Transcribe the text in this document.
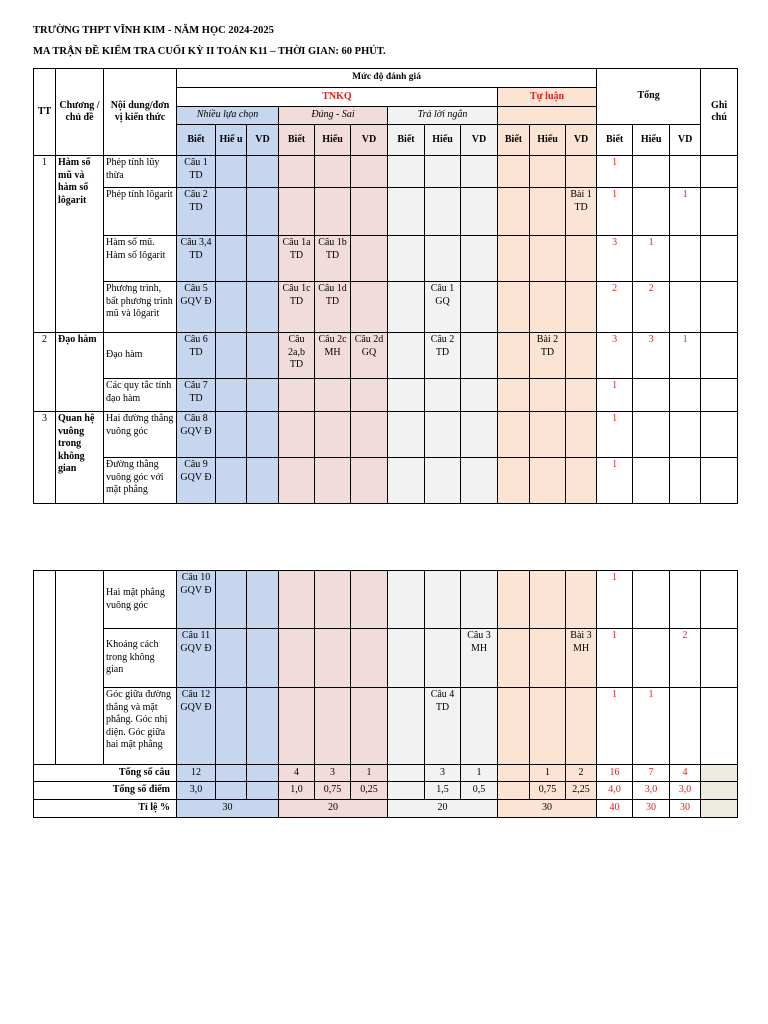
TRƯỜNG THPT VĨNH KIM - NĂM HỌC 2024-2025
MA TRẬN ĐỀ KIỂM TRA CUỐI KỲ II TOÁN K11 – THỜI GIAN: 60 PHÚT.
TT	Chương / chủ đề	Nội dung/đơn vị kiến thức	Mức độ đánh giá												Tổng			Ghi chú
			TNKQ									Tự luận						
			Nhiều lựa chọn			Đúng - Sai			Trả lời ngắn									
			Biết	Hiể u	VD	Biết	Hiểu	VD	Biết	Hiểu	VD	Biết	Hiểu	VD	Biết	Hiểu	VD	
1	Hàm số mũ và hàm số lôgarit	Phép tính lũy thừa	Câu 1 TD												1			
		Phép tính lôgarit	Câu 2 TD											Bài 1 TD	1		1	
		Hàm số mũ. Hàm số lôgarit	Câu 3,4 TD			Câu 1a TD	Câu 1b TD								3	1		
		Phương trình, bất phương trình mũ và lôgarit	Câu 5 GQV Đ			Câu 1c TD	Câu 1d TD			Câu 1 GQ					2	2		
2	Đạo hàm	Đạo hàm	Câu 6 TD			Câu 2a,b TD	Câu 2c MH	Câu 2d GQ		Câu 2 TD			Bài 2 TD		3	3	1	
		Các quy tắc tính đạo hàm	Câu 7 TD												1			
3	Quan hệ vuông trong không gian	Hai đường thẳng vuông góc	Câu 8 GQV Đ												1			
		Đường thẳng vuông góc với mặt phẳng	Câu 9 GQV Đ												1			
		Hai mặt phẳng vuông góc	Câu 10 GQV Đ												1			
		Khoảng cách trong không gian	Câu 11 GQV Đ								Câu 3 MH			Bài 3 MH	1		2	
		Góc giữa đường thẳng và mặt phẳng. Góc nhị diện. Góc giữa hai mặt phẳng	Câu 12 GQV Đ							Câu 4 TD					1	1		
Tổng số câu			12			4	3	1		3	1		1	2	16	7	4	
Tổng số điểm			3,0			1,0	0,75	0,25		1,5	0,5		0,75	2,25	4,0	3,0	3,0	
Tỉ lệ %			30			20			20			30			40	30	30	
